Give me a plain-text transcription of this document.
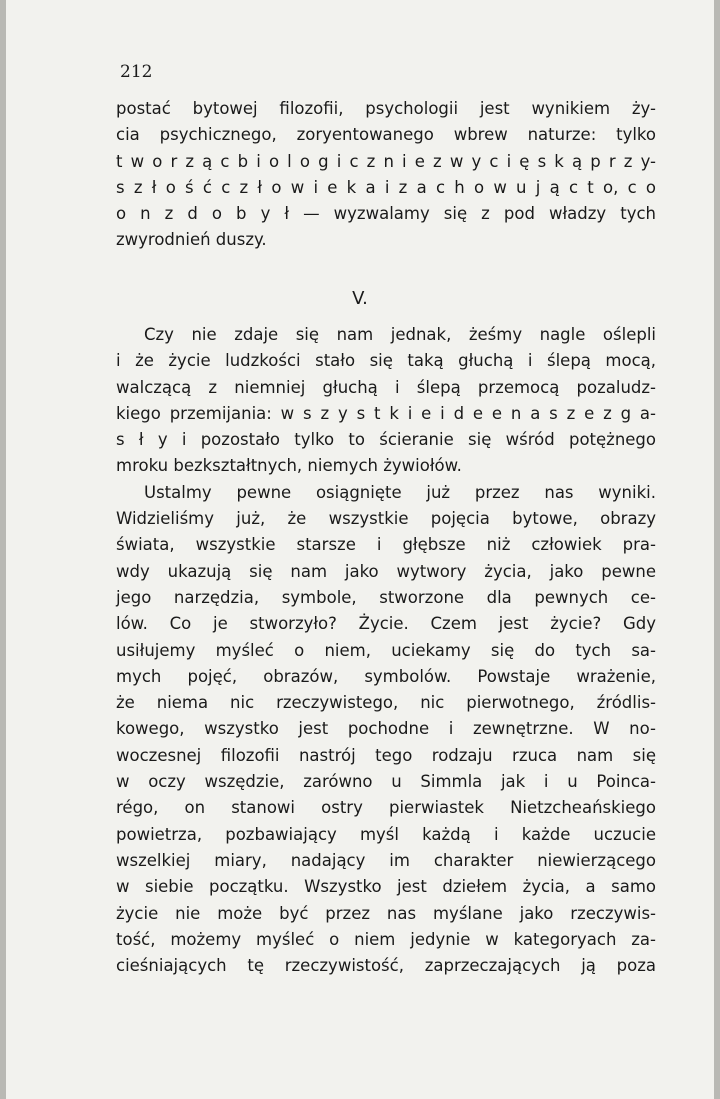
212
postać bytowej filozofii, psychologii jest wynikiem ży-
cia psychicznego, zoryentowanego wbrew naturze: tylko
t w o r z ą c b i o l o g i c z n i e z w y c i ę s k ą p r z y-
s z ł o ś ć c z ł o w i e k a i z a c h o w u j ą c t o, c o
o n z d o b y ł — wyzwalamy się z pod władzy tych
zwyrodnień duszy.
V.
Czy nie zdaje się nam jednak, żeśmy nagle oślepli
i że życie ludzkości stało się taką głuchą i ślepą mocą,
walczącą z niemniej głuchą i ślepą przemocą pozaludz-
kiego przemijania: w s z y s t k i e i d e e n a s z e z g a-
s ł y i pozostało tylko to ścieranie się wśród potężnego
mroku bezkształtnych, niemych żywiołów.
Ustalmy pewne osiągnięte już przez nas wyniki.
Widzieliśmy już, że wszystkie pojęcia bytowe, obrazy
świata, wszystkie starsze i głębsze niż człowiek pra-
wdy ukazują się nam jako wytwory życia, jako pewne
jego narzędzia, symbole, stworzone dla pewnych ce-
lów. Co je stworzyło? Życie. Czem jest życie? Gdy
usiłujemy myśleć o niem, uciekamy się do tych sa-
mych pojęć, obrazów, symbolów. Powstaje wrażenie,
że niema nic rzeczywistego, nic pierwotnego, źródlis-
kowego, wszystko jest pochodne i zewnętrzne. W no-
woczesnej filozofii nastrój tego rodzaju rzuca nam się
w oczy wszędzie, zarówno u Simmla jak i u Poinca-
régo, on stanowi ostry pierwiastek Nietzcheańskiego
powietrza, pozbawiający myśl każdą i każde uczucie
wszelkiej miary, nadający im charakter niewierzącego
w siebie początku. Wszystko jest dziełem życia, a samo
życie nie może być przez nas myślane jako rzeczywis-
tość, możemy myśleć o niem jedynie w kategoryach za-
cieśniających tę rzeczywistość, zaprzeczających ją poza
